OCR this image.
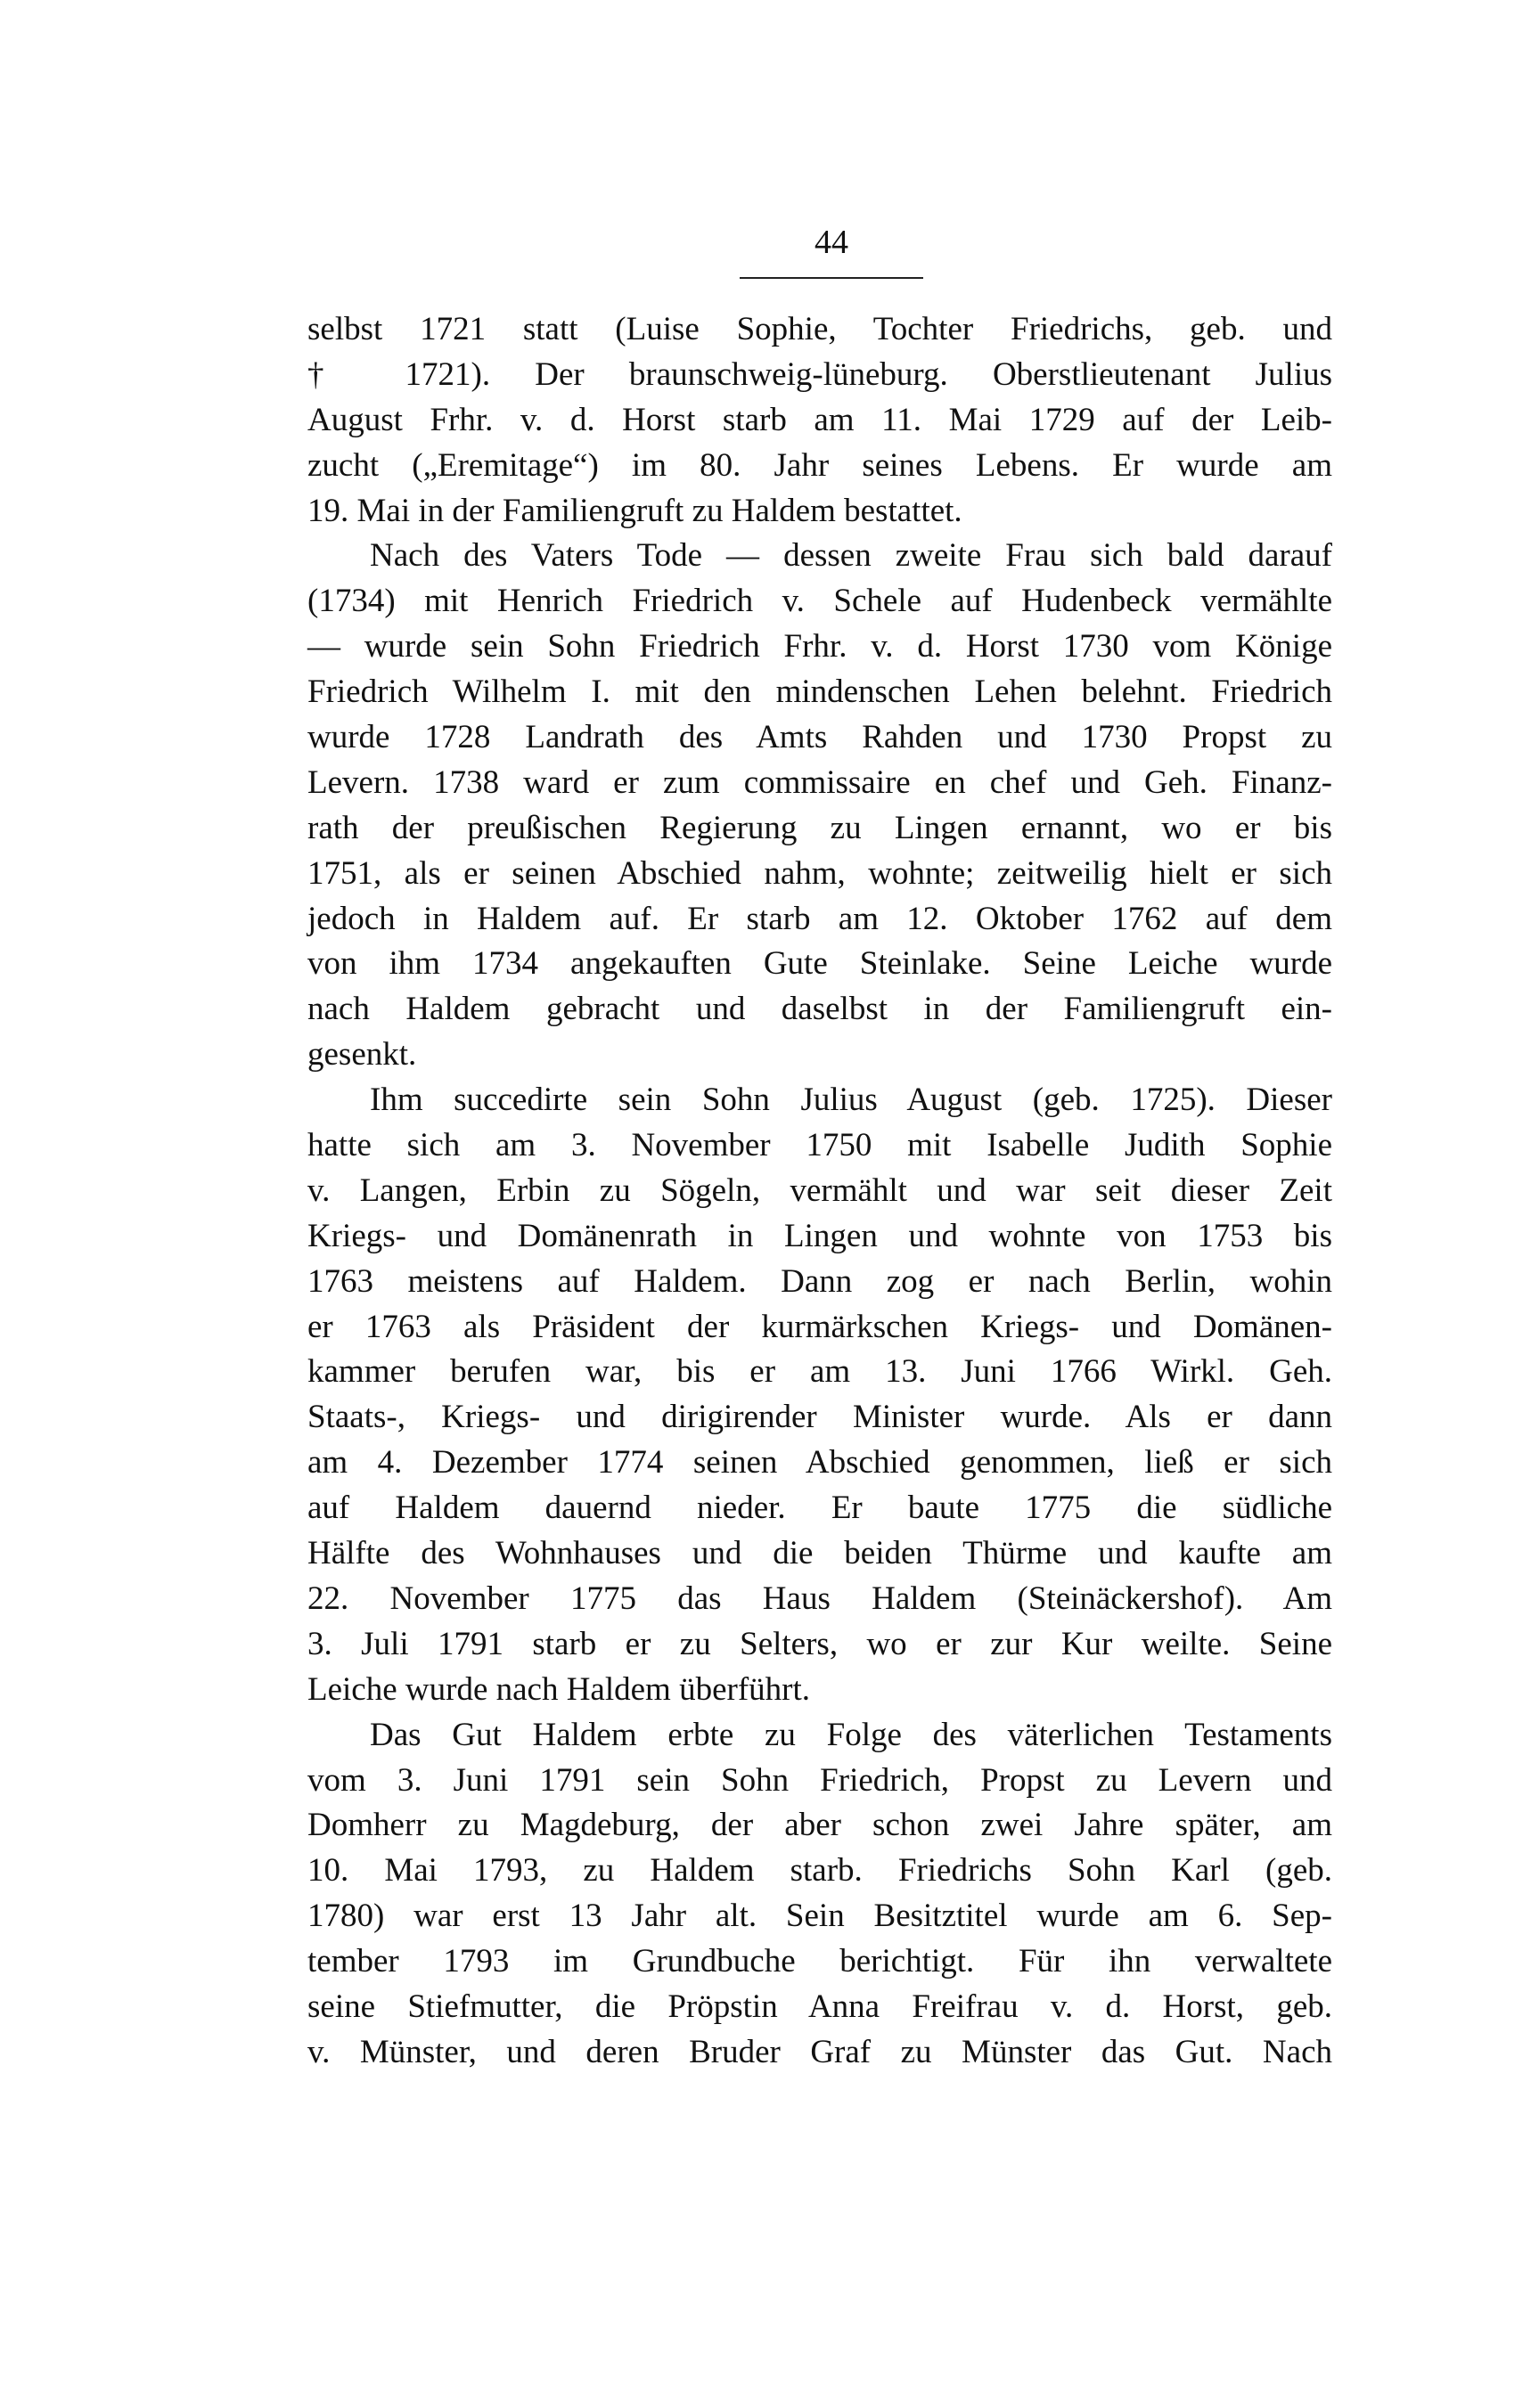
44
selbst 1721 statt (Luise Sophie, Tochter Friedrichs, geb. und
† 1721). Der braunschweig-lüneburg. Oberstlieutenant Julius
August Frhr. v. d. Horst starb am 11. Mai 1729 auf der Leib-
zucht („Eremitage“) im 80. Jahr seines Lebens. Er wurde am
19. Mai in der Familiengruft zu Haldem bestattet.
Nach des Vaters Tode — dessen zweite Frau sich bald darauf
(1734) mit Henrich Friedrich v. Schele auf Hudenbeck vermählte
— wurde sein Sohn Friedrich Frhr. v. d. Horst 1730 vom Könige
Friedrich Wilhelm I. mit den mindenschen Lehen belehnt. Friedrich
wurde 1728 Landrath des Amts Rahden und 1730 Propst zu
Levern. 1738 ward er zum commissaire en chef und Geh. Finanz-
rath der preußischen Regierung zu Lingen ernannt, wo er bis
1751, als er seinen Abschied nahm, wohnte; zeitweilig hielt er sich
jedoch in Haldem auf. Er starb am 12. Oktober 1762 auf dem
von ihm 1734 angekauften Gute Steinlake. Seine Leiche wurde
nach Haldem gebracht und daselbst in der Familiengruft ein-
gesenkt.
Ihm succedirte sein Sohn Julius August (geb. 1725). Dieser
hatte sich am 3. November 1750 mit Isabelle Judith Sophie
v. Langen, Erbin zu Sögeln, vermählt und war seit dieser Zeit
Kriegs- und Domänenrath in Lingen und wohnte von 1753 bis
1763 meistens auf Haldem. Dann zog er nach Berlin, wohin
er 1763 als Präsident der kurmärkschen Kriegs- und Domänen-
kammer berufen war, bis er am 13. Juni 1766 Wirkl. Geh.
Staats-, Kriegs- und dirigirender Minister wurde. Als er dann
am 4. Dezember 1774 seinen Abschied genommen, ließ er sich
auf Haldem dauernd nieder. Er baute 1775 die südliche
Hälfte des Wohnhauses und die beiden Thürme und kaufte am
22. November 1775 das Haus Haldem (Steinäckershof). Am
3. Juli 1791 starb er zu Selters, wo er zur Kur weilte. Seine
Leiche wurde nach Haldem überführt.
Das Gut Haldem erbte zu Folge des väterlichen Testaments
vom 3. Juni 1791 sein Sohn Friedrich, Propst zu Levern und
Domherr zu Magdeburg, der aber schon zwei Jahre später, am
10. Mai 1793, zu Haldem starb. Friedrichs Sohn Karl (geb.
1780) war erst 13 Jahr alt. Sein Besitztitel wurde am 6. Sep-
tember 1793 im Grundbuche berichtigt. Für ihn verwaltete
seine Stiefmutter, die Pröpstin Anna Freifrau v. d. Horst, geb.
v. Münster, und deren Bruder Graf zu Münster das Gut. Nach
